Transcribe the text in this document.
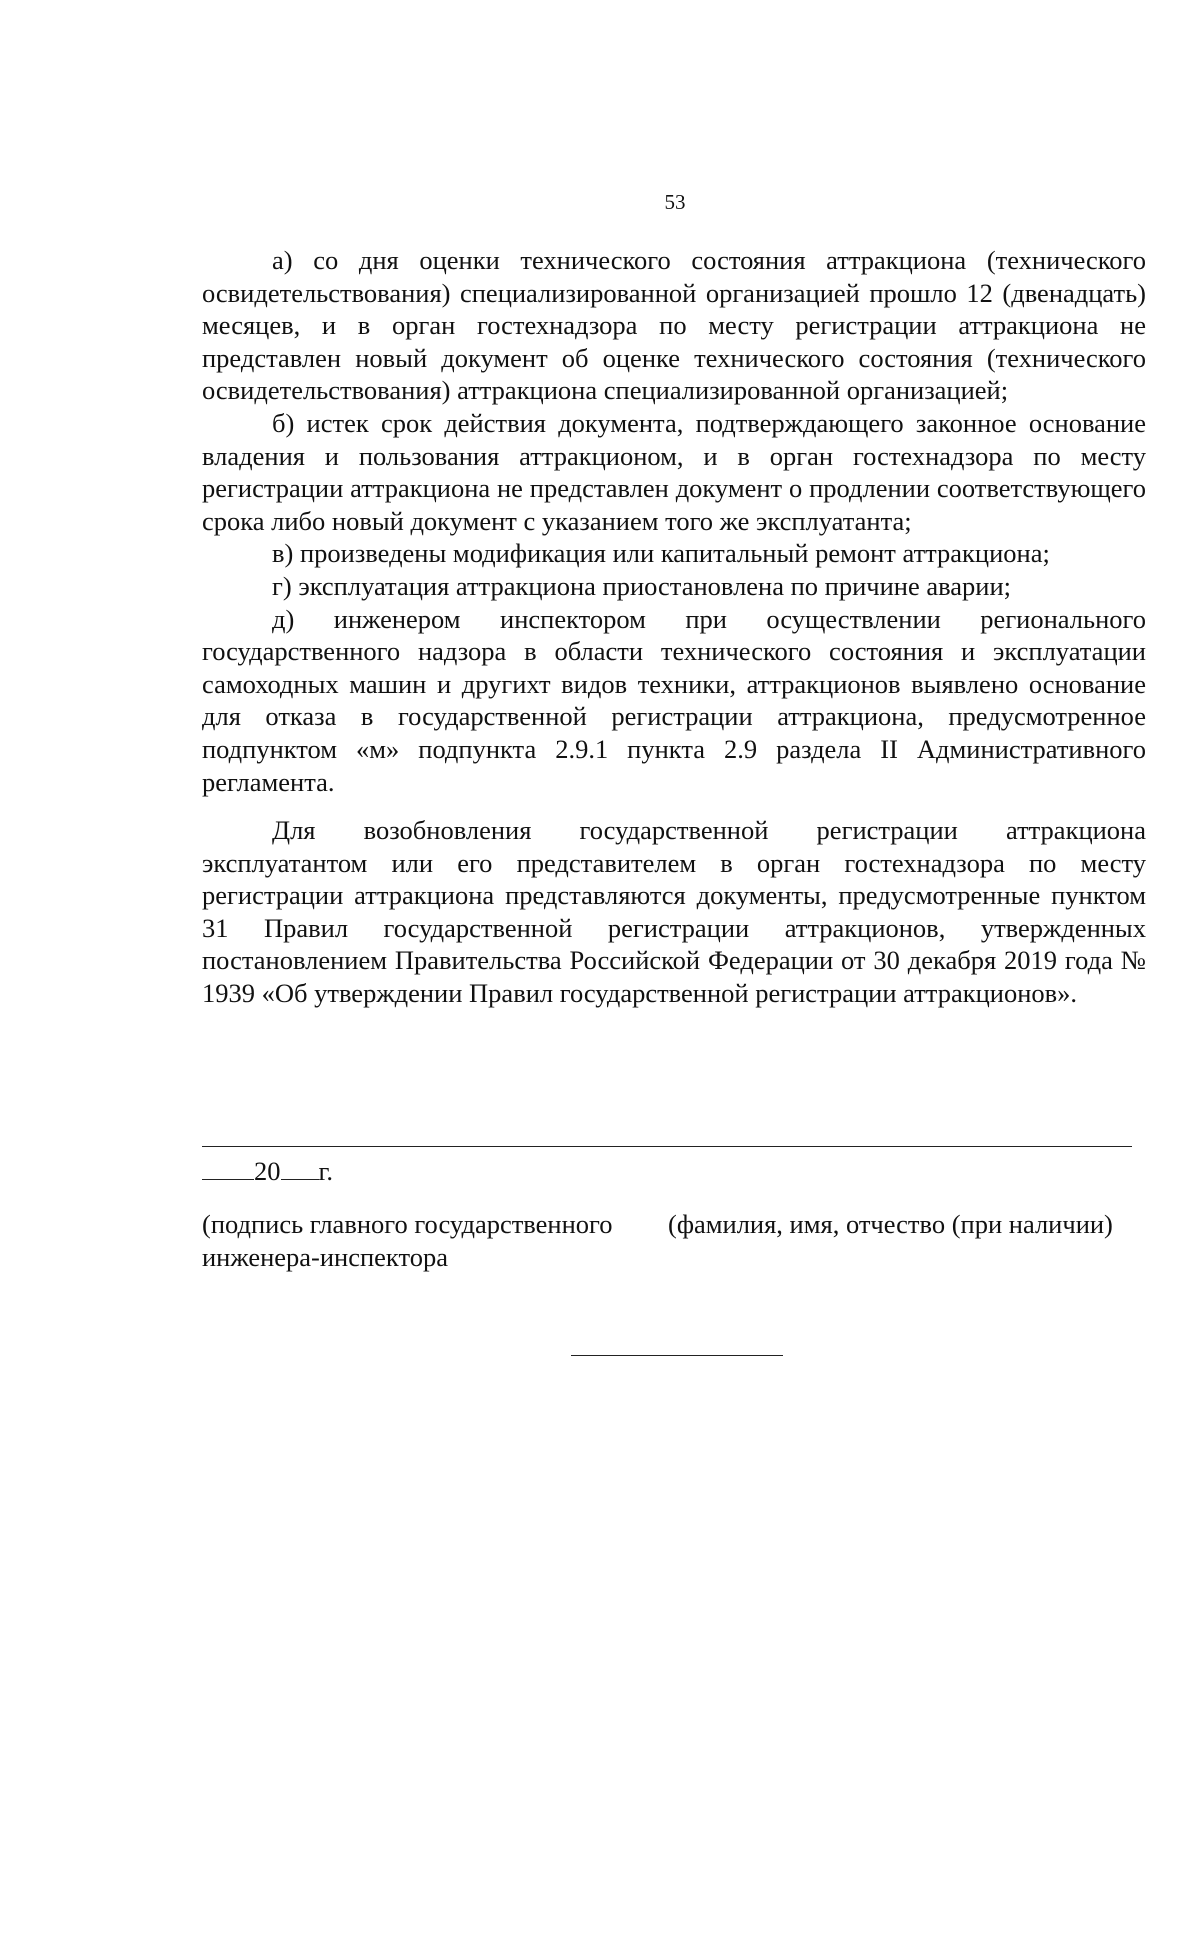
53

а) со дня оценки технического состояния аттракциона (технического освидетельствования) специализированной организацией прошло 12 (двенадцать) месяцев, и в орган гостехнадзора по месту регистрации аттракциона не представлен новый документ об оценке технического состояния (технического освидетельствования) аттракциона специализированной организацией;

б) истек срок действия документа, подтверждающего законное основание владения и пользования аттракционом, и в орган гостехнадзора по месту регистрации аттракциона не представлен документ о продлении соответствующего срока либо новый документ с указанием того же эксплуатанта;

в) произведены модификация или капитальный ремонт аттракциона;

г) эксплуатация аттракциона приостановлена по причине аварии;

д) инженером инспектором при осуществлении регионального государственного надзора в области технического состояния и эксплуатации самоходных машин и другихт видов техники, аттракционов выявлено основание для отказа в государственной регистрации аттракциона, предусмотренное подпунктом «м» подпункта 2.9.1 пункта 2.9 раздела II Административного регламента.

Для возобновления государственной регистрации аттракциона эксплуатантом или его представителем в орган гостехнадзора по месту регистрации аттракциона представляются документы, предусмотренные пунктом 31 Правил государственной регистрации аттракционов, утвержденных постановлением Правительства Российской Федерации от 30 декабря 2019 года № 1939 «Об утверждении Правил государственной регистрации аттракционов».

20 г.
(подпись главного государственного инженера-инспектора
(фамилия, имя, отчество (при наличии)
